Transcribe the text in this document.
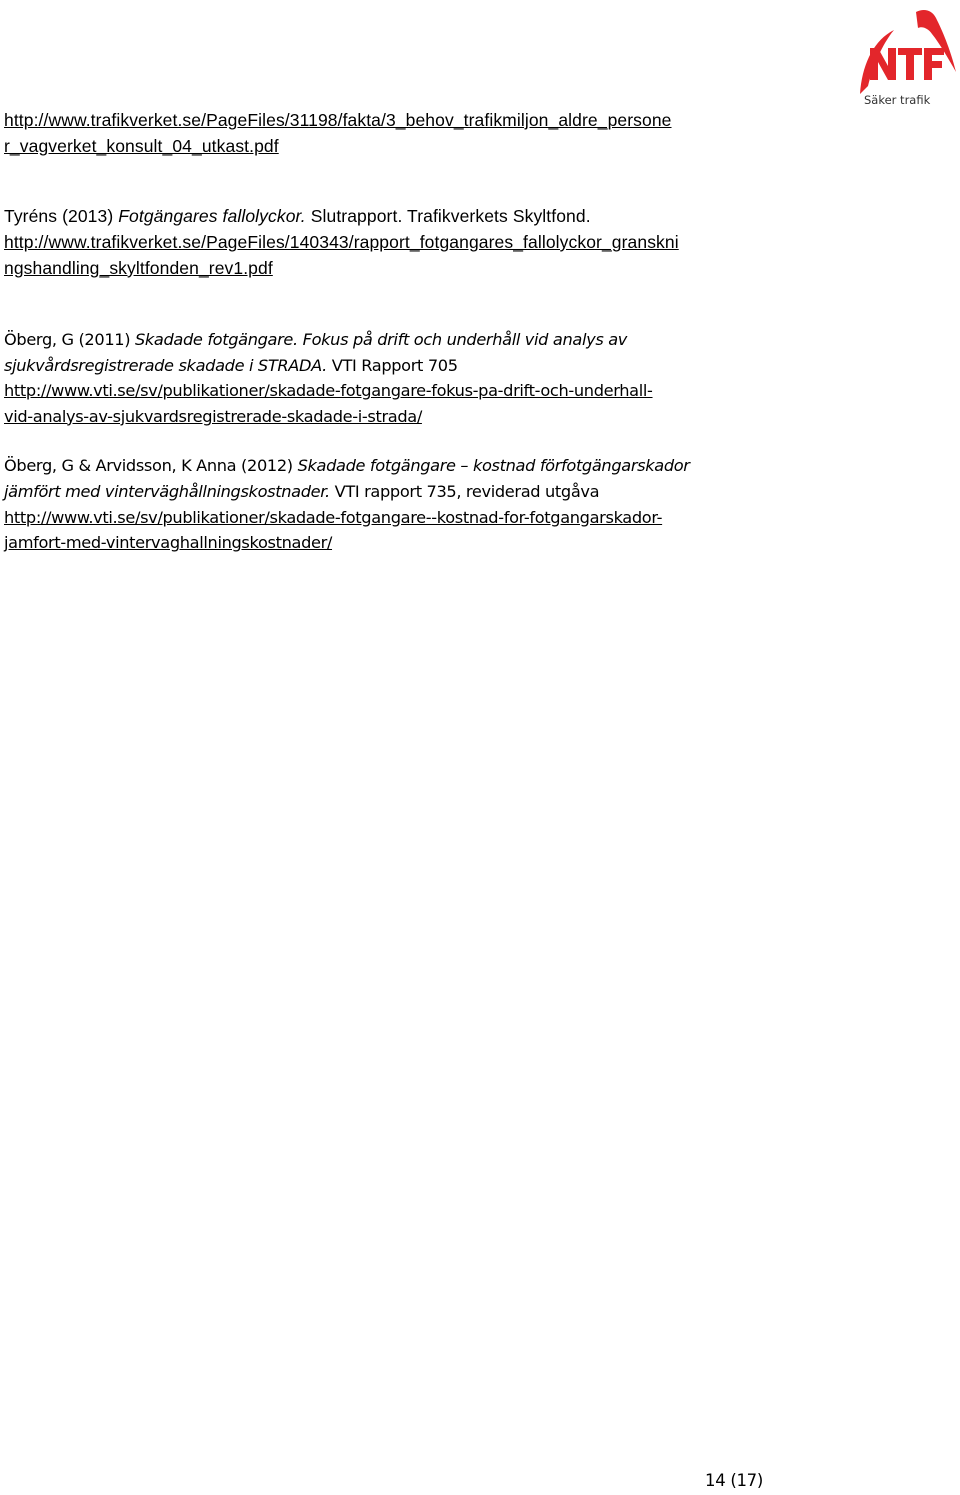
Säker trafik

http://www.trafikverket.se/PageFiles/31198/fakta/3_behov_trafikmiljon_aldre_persone
r_vagverket_konsult_04_utkast.pdf

Tyréns (2013) Fotgängares fallolyckor. Slutrapport. Trafikverkets Skyltfond.
http://www.trafikverket.se/PageFiles/140343/rapport_fotgangares_fallolyckor_granskni
ngshandling_skyltfonden_rev1.pdf

Öberg, G (2011) Skadade fotgängare. Fokus på drift och underhåll vid analys av
sjukvårdsregistrerade skadade i STRADA. VTI Rapport 705
http://www.vti.se/sv/publikationer/skadade-fotgangare-fokus-pa-drift-och-underhall-
vid-analys-av-sjukvardsregistrerade-skadade-i-strada/

Öberg, G & Arvidsson, K Anna (2012) Skadade fotgängare – kostnad förfotgängarskador
jämfört med vinterväghållningskostnader. VTI rapport 735, reviderad utgåva
http://www.vti.se/sv/publikationer/skadade-fotgangare--kostnad-for-fotgangarskador-
jamfort-med-vintervaghallningskostnader/

14 (17)
